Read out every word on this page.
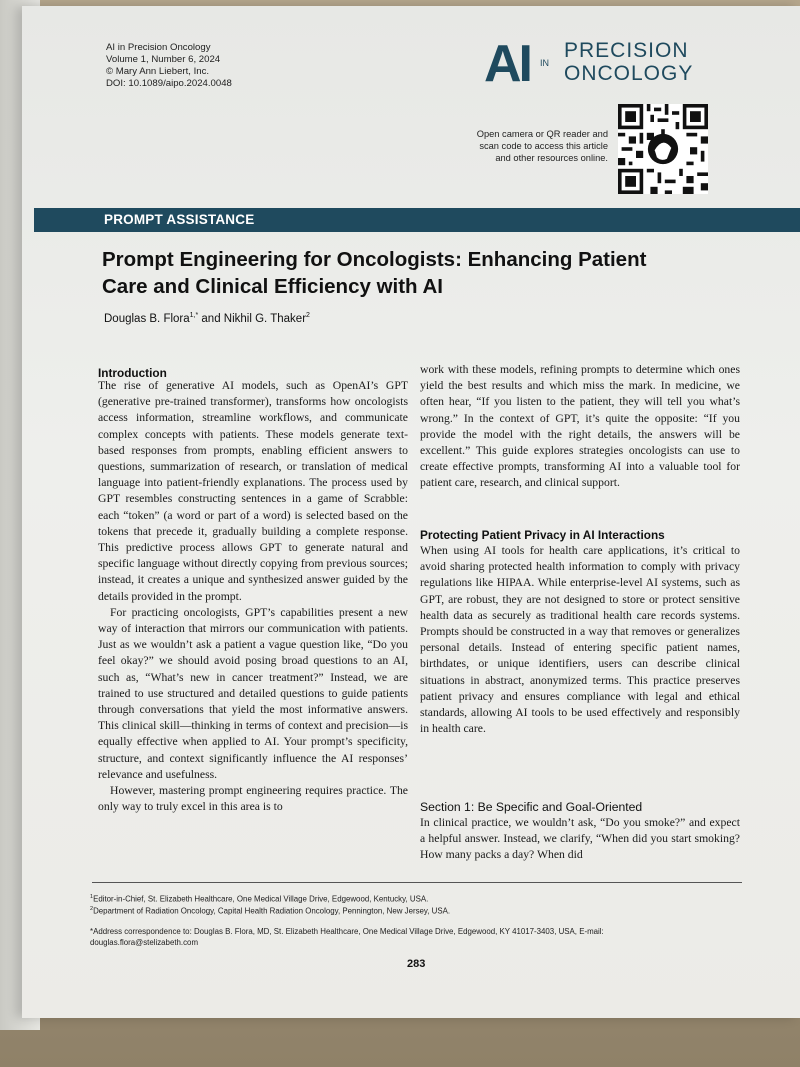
AI in Precision Oncology
Volume 1, Number 6, 2024
© Mary Ann Liebert, Inc.
DOI: 10.1089/aipo.2024.0048	AI IN
PRECISION
ONCOLOGY
Open camera or QR reader and
scan code to access this article
and other resources online.
PROMPT ASSISTANCE
Prompt Engineering for Oncologists: Enhancing Patient
Care and Clinical Efficiency with AI
Douglas B. Flora$^{1,*}$ and Nikhil G. Thaker$^2$
Introduction

The rise of generative AI models, such as OpenAI’s GPT (generative pre-trained transformer), transforms how oncologists access information, streamline workflows, and communicate complex concepts with patients. These models generate text-based responses from prompts, enabling efficient answers to questions, summarization of research, or translation of medical language into patient-friendly explanations. The process used by GPT resembles constructing sentences in a game of Scrabble: each “token” (a word or part of a word) is selected based on the tokens that precede it, gradually building a complete response. This predictive process allows GPT to generate natural and specific language without directly copying from previous sources; instead, it creates a unique and synthesized answer guided by the details provided in the prompt.

For practicing oncologists, GPT’s capabilities present a new way of interaction that mirrors our communication with patients. Just as we wouldn’t ask a patient a vague question like, “Do you feel okay?” we should avoid posing broad questions to an AI, such as, “What’s new in cancer treatment?” Instead, we are trained to use structured and detailed questions to guide patients through conversations that yield the most informative answers. This clinical skill—thinking in terms of context and precision—is equally effective when applied to AI. Your prompt’s specificity, structure, and context significantly influence the AI responses’ relevance and usefulness.

However, mastering prompt engineering requires practice. The only way to truly excel in this area is to

work with these models, refining prompts to determine which ones yield the best results and which miss the mark. In medicine, we often hear, “If you listen to the patient, they will tell you what’s wrong.” In the context of GPT, it’s quite the opposite: “If you provide the model with the right details, the answers will be excellent.” This guide explores strategies oncologists can use to create effective prompts, transforming AI into a valuable tool for patient care, research, and clinical support.

Protecting Patient Privacy in AI Interactions

When using AI tools for health care applications, it’s critical to avoid sharing protected health information to comply with privacy regulations like HIPAA. While enterprise-level AI systems, such as GPT, are robust, they are not designed to store or protect sensitive health data as securely as traditional health care records systems. Prompts should be constructed in a way that removes or generalizes personal details. Instead of entering specific patient names, birthdates, or unique identifiers, users can describe clinical situations in abstract, anonymized terms. This practice preserves patient privacy and ensures compliance with legal and ethical standards, allowing AI tools to be used effectively and responsibly in health care.

Section 1: Be Specific and Goal-Oriented

In clinical practice, we wouldn’t ask, “Do you smoke?” and expect a helpful answer. Instead, we clarify, “When did you start smoking? How many packs a day? When did

$^1$Editor-in-Chief, St. Elizabeth Healthcare, One Medical Village Drive, Edgewood, Kentucky, USA.
$^2$Department of Radiation Oncology, Capital Health Radiation Oncology, Pennington, New Jersey, USA.
*Address correspondence to: Douglas B. Flora, MD, St. Elizabeth Healthcare, One Medical Village Drive, Edgewood, KY 41017-3403, USA, E-mail:
douglas.flora@stelizabeth.com
283
